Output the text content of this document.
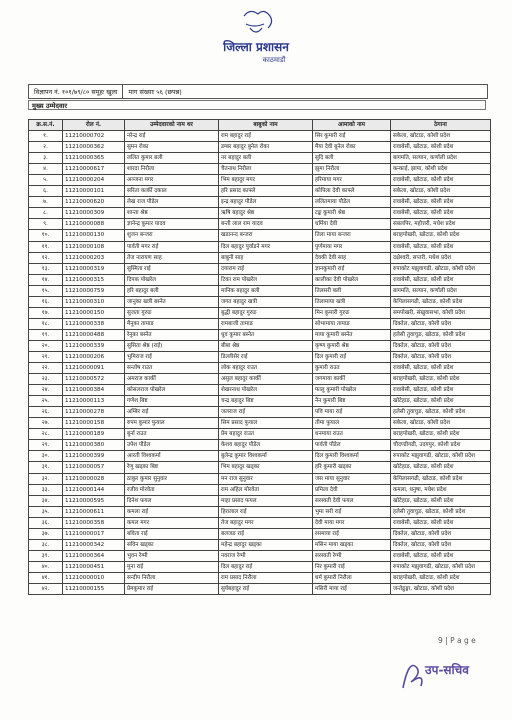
जिल्ला प्रशासन
काठमाडौं
विज्ञापन नं. १०१/७९/८० समूहः खुला	माग संख्याः ५६ (छपन्न)
मुख्य उम्मेदवार
क्र.स.नं.	रोल नं.	उम्मेदवारको नाम थर	बाबुको नाम	आमाको नाम	ठेगाना
१.	11210000702	नरेन्द्र राई	राम बहादुर राई	सिर कुमारी राई	सकेला, खोटाङ, कोशी प्रदेश
२.	11210000362	सुमन रोका	डम्बर बहादुर बुनेल रोका	मैया देवी बुनेल रोका	रावाबेसी, खोटाङ, कोशी प्रदेश
३.	11210000365	ललित कुमार बली	नर बहादुर बली	सुदि बली	बागमति, सल्यान, कर्णाली प्रदेश
४.	11210000617	शारदा निरौला	चैतनाथ निरौला	झुमा निरौला	कन्काई, झापा, कोशी प्रदेश
५.	11210000204	अञ्जना मगर	भिम बहादुर मगर	हरिमाया मगर	रावाबेसी, खोटाङ, कोशी प्रदेश
६.	11210000101	सरिता कार्की दकाल	हरि प्रसाद काफ्ले	कोपिला देवी काफ्ले	सकेला, खोटाङ, कोशी प्रदेश
७.	11210000620	लेख राज पौडेल	इन्द्र बहादुर पौडेल	ललितमाया पौडेल	रावाबेसी, खोटाङ, कोशी प्रदेश
८.	11210000309	शान्ता श्रेष्ठ	ऋषि बहादुर श्रेष्ठ	टङ्क कुमारी श्रेष्ठ	रावाबेसी, खोटाङ, कोशी प्रदेश
९.	11210000088	ज्ञानेन्द्र कुमार यादव	बन्ती लाल राम यादव	धर्मिया देवी	सबलपिर, महोत्तरी, मधेश प्रदेश
१०.	11210000130	शुजन बन्जरा	खडानन्द बन्जरा	तिला माया बन्जरा	बराहपोखरी, खोटाङ, कोशी प्रदेश
११.	11210000108	पार्वती मगर राई	दिल बहादुर पुर्वाडने मगर	पुर्णमाया मगर	रावाबेसी, खोटाङ, कोशी प्रदेश
१२.	11210000203	तेज नारायण साह	बाबुनी साह	देवकी देवी साह	दक्षेश्वरी, सप्तरी, मधेश प्रदेश
१३.	11210000319	सुस्मिता राई	दयाराम राई	ज्ञानकुमारी राई	रुपाकोट मझुवागढी, खोटाङ, कोशी प्रदेश
१४.	11210000315	दिपक पोखरेल	टिका राम पोखरेल	कालीका देवी पोखरेल	रावाबेसी, खोटाङ, कोशी प्रदेश
१५.	11210000759	हरि बहादुर बली	मानिक बहादुर बली	तिलसरी बली	बागमति, सल्यान, कर्णाली प्रदेश
१६.	11210000310	जानुका खत्री बस्नेत	जगत बहादुर खत्री	तिलामाया खत्री	केपिलासगढी, खोटाङ, कोशी प्रदेश
१७.	11210000150	सुजता गुरुङ	बुद्धी बहादुर गुरुङ	मिन कुमारी गुरुङ	समपोखरी, संखुवासभा, कोशी प्रदेश
१८.	11210000338	मैनुका तामाङ	रामबाजी तामाङ	सोभामाया तामाङ	दिक्तेल, खोटाङ, कोशी प्रदेश
१९.	11210000488	रेनुका बस्नेत	धुव कुमार बस्नेत	माया कुमारी बस्नेत	हलेसी तुवाचुङ, खोटाङ, कोशी प्रदेश
२०.	11210000339	सुसिता श्रेष्ठ (राई)	बीबा श्रेष्ठ	कृष्ण कुमारी श्रेष्ठ	दिक्तेल, खोटाङ, कोशी प्रदेश
२१.	11210000206	भुमिराज राई	डिल्लीसेर राई	दिल कुमारी राई	दिक्तेल, खोटाङ, कोशी प्रदेश
२२.	11210000091	सन्तोष राउत	लोक बहादुर राउत	कुमारी राउत	रावाबेसी, खोटाङ, कोशी प्रदेश
२३.	11210000572	अमराज कार्की	असुल बहादुर कार्की	जगमाया कार्की	बराहपोखरी, खोटाङ, कोशी प्रदेश
२४.	11210000384	कोसलराज पोखरेल	शेखरनाथ पोखरेल	फालु कुमारी पोखरेल	रावाबेसी, खोटाङ, कोशी प्रदेश
२५.	11210000113	गणेश बिष्ट	चन्द्र बहादुर बिष्ट	नैन कुमारी बिष्ट	खोटेहाङ, खोटाङ, कोशी प्रदेश
२६.	11210000278	अम्बिर राई	जलराज राई	पवि माया राई	हलेसी तुवाचुङ, खोटाङ, कोशी प्रदेश
२७.	11210000158	रुपम कुमार फुयाल	सिम प्रसाद फुयाल	तीमा फुयाल	सकेला, खोटाङ, कोशी प्रदेश
२८.	11210000189	बुर्ना राउत	प्रेम बहादुर राउत	धनमाया राउत	बराहपोखरी, खोटाङ, कोशी प्रदेश
२९.	11210000380	उपेश पौडेल	केशव बहादुर पौडेल	पार्वती पौडेल	चौदण्डीगढी, उदयपुर, कोशी प्रदेश
३०.	11210000399	आरती विश्वकर्मा	बुलेन्द्र कुमार विश्वकर्मा	दिल कुमारी विश्वकर्मा	रुपाकोट मझुवागढी, खोटाङ, कोशी प्रदेश
३१.	11210000057	रेणु खड्का बिष्ट	भिम बहादुर खड्का	हरि कुमारी खड्का	खोटेहाङ, खोटाङ, कोशी प्रदेश
३२.	11210000028	ठाकुर कुमार सुनुवार	मन राज सुनुवार	जस माया सुनुवार	केपिलासगढी, खोटाङ, कोशी प्रदेश
३३.	11210000144	रजीव मोरवेता	राम अहिल मोरवेता	प्रमिला देवी	कमला, धनुषा, मधेश प्रदेश
३४.	11210000595	दिनेश फयल	माहा प्रसाद फयल	सरस्वती देवी फयल	खोटेहाङ, खोटाङ, कोशी प्रदेश
३५.	11210000611	कमला राई	हिरालाल राई	भुमा सरी राई	हलेसी तुवाचुङ, खोटाङ, कोशी प्रदेश
३६.	11210000358	कमल मगर	तेज बहादुर मगर	देवी माया मगर	रावाबेसी, खोटाङ, कोशी प्रदेश
३७.	11210000017	बविता राई	बलजङ राई	रसमाया राई	दिक्तेल, खोटाङ, कोशी प्रदेश
३८.	11210000342	सविन खड्का	महेन्द्र बहादुर खड्का	मसिन माया खड्का	दिक्तेल, खोटाङ, कोशी प्रदेश
३९.	11210000364	भुवन रेग्मी	नवराज रेग्मी	सरस्वती रेग्मी	रावाबेसी, खोटाङ, कोशी प्रदेश
४०.	11210000451	मुना राई	दिल बहादुर राई	निर कुमारी राई	रुपाकोट मझुवागढी, खोटाङ, कोशी प्रदेश
४१.	11210000010	सन्दीप निरौला	राम प्रसाद निरौला	धर्म कुमारी निरौला	बराहपोखरी, खोटाङ, कोशी प्रदेश
४२.	11210000155	प्रेमकुमार राई	सुर्यबहादुर राई	मसिरी माया राई	जन्तेढुङ्गा, खोटाङ, कोशी प्रदेश
9 | P a g e
उप-सचिव
